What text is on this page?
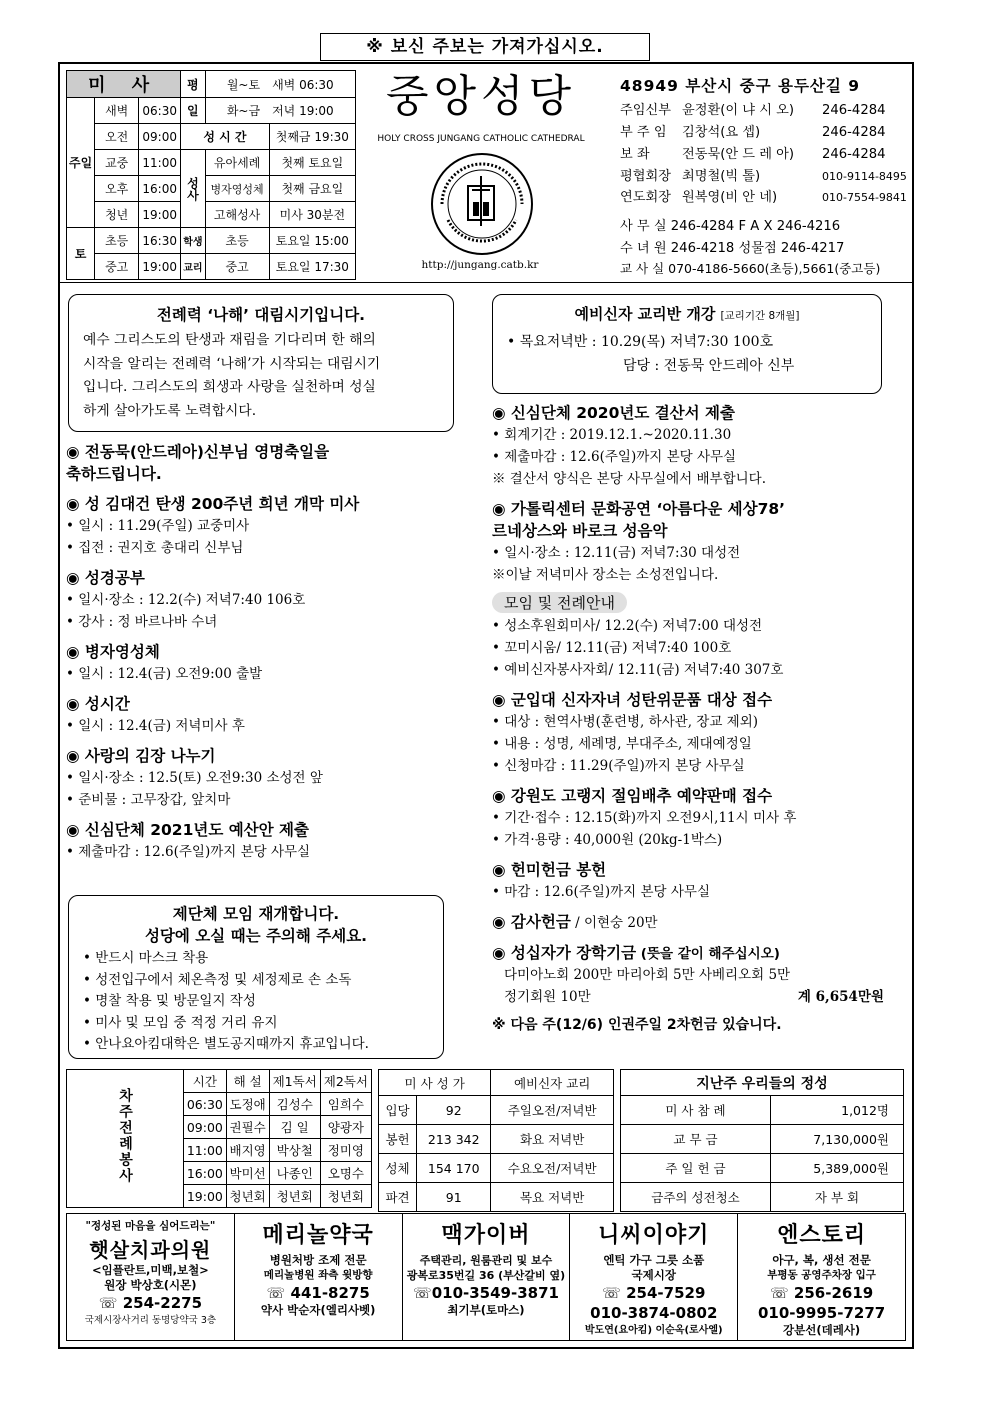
※ 보신 주보는 가져가십시오.
미 사			평	월~토　 새벽 06:30	
주일	새벽	06:30	일	화~금　 저녁 19:00	
	오전	09:00	성 시 간		첫째금 19:30
	교중	11:00	성사	유아세례	첫째 토요일
	오후	16:00		병자영성체	첫째 금요일
	청년	19:00		고해성사	미사 30분전
토	초등	16:30	학생	초등	토요일 15:00
	중고	19:00	교리	중고	토요일 17:30
중앙성당
HOLY CROSS JUNGANG CATHOLIC CATHEDRAL
http://jungang.catb.kr
48949 부산시 중구 용두산길 9
주임신부 윤정환(이 냐 시 오) 246-4284
부 주 임 김창석(요 셉)	246-4284
보 좌 전동묵(안 드 레 아) 246-4284
평협회장 최명철(빅 톨)	010-9114-8495
연도회장 원복영(비 안 네)	010-7554-9841
사 무 실 246-4284 F A X 246-4216
수 녀 원 246-4218 성물점 246-4217
교 사 실 070-4186-5660(초등),5661(중고등)
전례력 ‘나해’ 대림시기입니다.
예수 그리스도의 탄생과 재림을 기다리며 한 해의
시작을 알리는 전례력 ‘나해’가 시작되는 대림시기
입니다. 그리스도의 희생과 사랑을 실천하며 성실
하게 살아가도록 노력합시다.
◉ 전동묵(안드레아)신부님 영명축일을
축하드립니다.
◉ 성 김대건 탄생 200주년 희년 개막 미사
• 일시 : 11.29(주일) 교중미사
• 집전 : 권지호 총대리 신부님
◉ 성경공부
• 일시·장소 : 12.2(수) 저녁7:40 106호
• 강사 : 정 바르나바 수녀
◉ 병자영성체
• 일시 : 12.4(금) 오전9:00 출발
◉ 성시간
• 일시 : 12.4(금) 저녁미사 후
◉ 사랑의 김장 나누기
• 일시·장소 : 12.5(토) 오전9:30 소성전 앞
• 준비물 : 고무장갑, 앞치마
◉ 신심단체 2021년도 예산안 제출
• 제출마감 : 12.6(주일)까지 본당 사무실
제단체 모임 재개합니다.
성당에 오실 때는 주의해 주세요.
• 반드시 마스크 착용
• 성전입구에서 체온측정 및 세정제로 손 소독
• 명찰 착용 및 방문일지 작성
• 미사 및 모임 중 적정 거리 유지
• 안나요아킴대학은 별도공지때까지 휴교입니다.
예비신자 교리반 개강 [교리기간 8개월]
• 목요저녁반 : 10.29(목) 저녁7:30 100호
담당 : 전동묵 안드레아 신부
◉ 신심단체 2020년도 결산서 제출
• 회계기간 : 2019.12.1.~2020.11.30
• 제출마감 : 12.6(주일)까지 본당 사무실
※ 결산서 양식은 본당 사무실에서 배부합니다.
◉ 가톨릭센터 문화공연 ‘아름다운 세상78’
르네상스와 바로크 성음악
• 일시·장소 : 12.11(금) 저녁7:30 대성전
※이날 저녁미사 장소는 소성전입니다.
모임 및 전례안내
• 성소후원회미사/ 12.2(수) 저녁7:00 대성전
• 꼬미시움/ 12.11(금) 저녁7:40 100호
• 예비신자봉사자회/ 12.11(금) 저녁7:40 307호
◉ 군입대 신자자녀 성탄위문품 대상 접수
• 대상 : 현역사병(훈련병, 하사관, 장교 제외)
• 내용 : 성명, 세례명, 부대주소, 제대예정일
• 신청마감 : 11.29(주일)까지 본당 사무실
◉ 강원도 고랭지 절임배추 예약판매 접수
• 기간·접수 : 12.15(화)까지 오전9시,11시 미사 후
• 가격·용량 : 40,000원 (20kg-1박스)
◉ 헌미헌금 봉헌
• 마감 : 12.6(주일)까지 본당 사무실
◉ 감사헌금 / 이현숭 20만
◉ 성십자가 장학기금 (뜻을 같이 해주십시오)
다미아노회 200만 마리아회 5만 사베리오회 5만
정기회원 10만	계 6,654만원
※ 다음 주(12/6) 인권주일 2차헌금 있습니다.
차주전례봉사	시간	해 설	제1독서	제2독서
	06:30	도정애	김성수	임희수
	09:00	권필수	김 일	양광자
	11:00	배지영	박상철	정미영
	16:00	박미선	나종인	오명수
	19:00	청년회	청년회	청년회
미 사 성 가		예비신자 교리
입당	92	주일오전/저녁반
봉헌	213 342	화요 저녁반
성체	154 170	수요오전/저녁반
파견	91	목요 저녁반
지난주 우리들의 정성	
미 사 참 례	1,012명
교 무 금	7,130,000원
주 일 헌 금	5,389,000원
금주의 성전청소	자 부 회
"정성된 마음을 심어드리는"
햇살치과의원
<임플란트,미백,보철>
원장 박상호(시몬)
☏ 254-2275
국제시장사거리 동명당약국 3층

메리놀약국
병원처방 조제 전문
메리놀병원 좌측 윗방향
☏ 441-8275
약사 박순자(엘리사벳)

맥가이버
주택관리, 원룸관리 및 보수
광복로35번길 36 (부산갈비 옆)
☏010-3549-3871
최기부(토마스)

니씨이야기
엔틱 가구 그릇 소품
국제시장
☏ 254-7529
010-3874-0802
박도연(요아킴) 이순옥(로사엘)

엔스토리
아구, 복, 생선 전문
부평동 공영주차장 입구
☏ 256-2619
010-9995-7277
강분선(데레사)
